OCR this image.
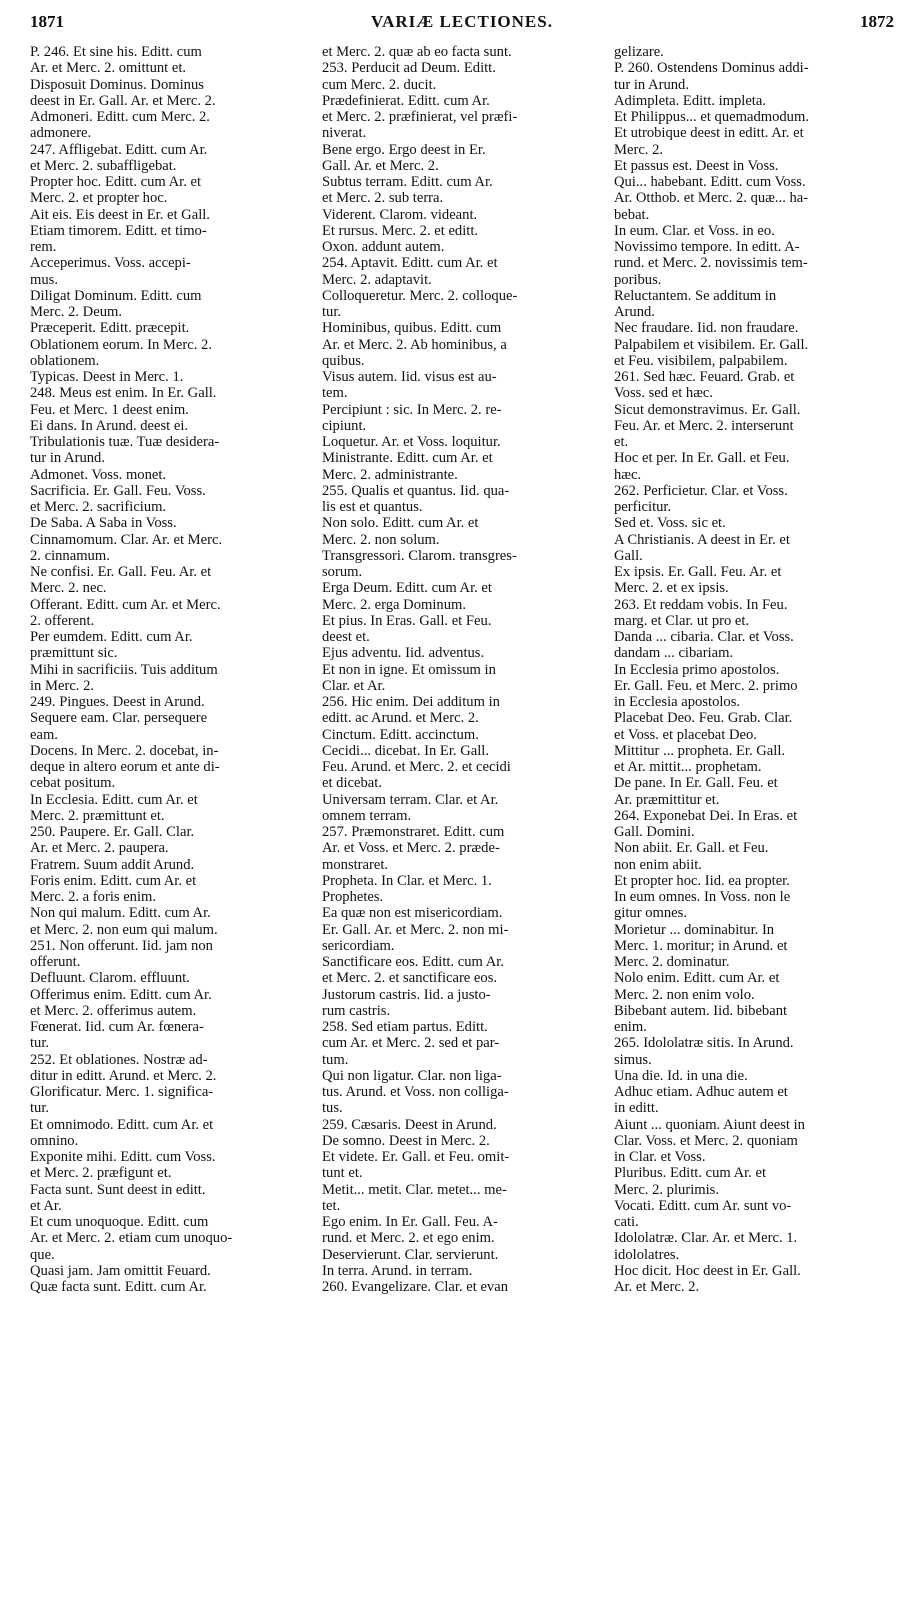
1871	VARIÆ LECTIONES.	1872
P. 246. Et sine his. Editt. cum
Ar. et Merc. 2. omittunt et.
Disposuit Dominus. Dominus
deest in Er. Gall. Ar. et Merc. 2.
Admoneri. Editt. cum Merc. 2.
admonere.
247. Affligebat. Editt. cum Ar.
et Merc. 2. subaffligebat.
Propter hoc. Editt. cum Ar. et
Merc. 2. et propter hoc.
Ait eis. Eis deest in Er. et Gall.
Etiam timorem. Editt. et timo-
rem.
Acceperimus. Voss. accepi-
mus.
Diligat Dominum. Editt. cum
Merc. 2. Deum.
Præceperit. Editt. præcepit.
Oblationem eorum. In Merc. 2.
oblationem.
Typicas. Deest in Merc. 1.
248. Meus est enim. In Er. Gall.
Feu. et Merc. 1 deest enim.
Ei dans. In Arund. deest ei.
Tribulationis tuæ. Tuæ desidera-
tur in Arund.
Admonet. Voss. monet.
Sacrificia. Er. Gall. Feu. Voss.
et Merc. 2. sacrificium.
De Saba. A Saba in Voss.
Cinnamomum. Clar. Ar. et Merc.
2. cinnamum.
Ne confisi. Er. Gall. Feu. Ar. et
Merc. 2. nec.
Offerant. Editt. cum Ar. et Merc.
2. offerent.
Per eumdem. Editt. cum Ar.
præmittunt sic.
Mihi in sacrificiis. Tuis additum
in Merc. 2.
249. Pingues. Deest in Arund.
Sequere eam. Clar. persequere
eam.
Docens. In Merc. 2. docebat, in-
deque in altero eorum et ante di-
cebat positum.
In Ecclesia. Editt. cum Ar. et
Merc. 2. præmittunt et.
250. Paupere. Er. Gall. Clar.
Ar. et Merc. 2. paupera.
Fratrem. Suum addit Arund.
Foris enim. Editt. cum Ar. et
Merc. 2. a foris enim.
Non qui malum. Editt. cum Ar.
et Merc. 2. non eum qui malum.
251. Non offerunt. Iid. jam non
offerunt.
Defluunt. Clarom. effluunt.
Offerimus enim. Editt. cum Ar.
et Merc. 2. offerimus autem.
Fœnerat. Iid. cum Ar. fœnera-
tur.
252. Et oblationes. Nostræ ad-
ditur in editt. Arund. et Merc. 2.
Glorificatur. Merc. 1. significa-
tur.
Et omnimodo. Editt. cum Ar. et
omnino.
Exponite mihi. Editt. cum Voss.
et Merc. 2. præfigunt et.
Facta sunt. Sunt deest in editt.
et Ar.
Et cum unoquoque. Editt. cum
Ar. et Merc. 2. etiam cum unoquo-
que.
Quasi jam. Jam omittit Feuard.
Quæ facta sunt. Editt. cum Ar.
et Merc. 2. quæ ab eo facta sunt.
253. Perducit ad Deum. Editt.
cum Merc. 2. ducit.
Prædefinierat. Editt. cum Ar.
et Merc. 2. præfinierat, vel præfi-
niverat.
Bene ergo. Ergo deest in Er.
Gall. Ar. et Merc. 2.
Subtus terram. Editt. cum Ar.
et Merc. 2. sub terra.
Viderent. Clarom. videant.
Et rursus. Merc. 2. et editt.
Oxon. addunt autem.
254. Aptavit. Editt. cum Ar. et
Merc. 2. adaptavit.
Colloqueretur. Merc. 2. colloque-
tur.
Hominibus, quibus. Editt. cum
Ar. et Merc. 2. Ab hominibus, a
quibus.
Visus autem. Iid. visus est au-
tem.
Percipiunt : sic. In Merc. 2. re-
cipiunt.
Loquetur. Ar. et Voss. loquitur.
Ministrante. Editt. cum Ar. et
Merc. 2. administrante.
255. Qualis et quantus. Iid. qua-
lis est et quantus.
Non solo. Editt. cum Ar. et
Merc. 2. non solum.
Transgressori. Clarom. transgres-
sorum.
Erga Deum. Editt. cum Ar. et
Merc. 2. erga Dominum.
Et pius. In Eras. Gall. et Feu.
deest et.
Ejus adventu. Iid. adventus.
Et non in igne. Et omissum in
Clar. et Ar.
256. Hic enim. Dei additum in
editt. ac Arund. et Merc. 2.
Cinctum. Editt. accinctum.
Cecidi... dicebat. In Er. Gall.
Feu. Arund. et Merc. 2. et cecidi
et dicebat.
Universam terram. Clar. et Ar.
omnem terram.
257. Præmonstraret. Editt. cum
Ar. et Voss. et Merc. 2. præde-
monstraret.
Propheta. In Clar. et Merc. 1.
Prophetes.
Ea quæ non est misericordiam.
Er. Gall. Ar. et Merc. 2. non mi-
sericordiam.
Sanctificare eos. Editt. cum Ar.
et Merc. 2. et sanctificare eos.
Justorum castris. Iid. a justo-
rum castris.
258. Sed etiam partus. Editt.
cum Ar. et Merc. 2. sed et par-
tum.
Qui non ligatur. Clar. non liga-
tus. Arund. et Voss. non colliga-
tus.
259. Cæsaris. Deest in Arund.
De somno. Deest in Merc. 2.
Et videte. Er. Gall. et Feu. omit-
tunt et.
Metit... metit. Clar. metet... me-
tet.
Ego enim. In Er. Gall. Feu. A-
rund. et Merc. 2. et ego enim.
Deservierunt. Clar. servierunt.
In terra. Arund. in terram.
260. Evangelizare. Clar. et evan
gelizare.
P. 260. Ostendens Dominus addi-
tur in Arund.
Adimpleta. Editt. impleta.
Et Philippus... et quemadmodum.
Et utrobique deest in editt. Ar. et
Merc. 2.
Et passus est. Deest in Voss.
Qui... habebant. Editt. cum Voss.
Ar. Otthob. et Merc. 2. quæ... ha-
bebat.
In eum. Clar. et Voss. in eo.
Novissimo tempore. In editt. A-
rund. et Merc. 2. novissimis tem-
poribus.
Reluctantem. Se additum in
Arund.
Nec fraudare. Iid. non fraudare.
Palpabilem et visibilem. Er. Gall.
et Feu. visibilem, palpabilem.
261. Sed hæc. Feuard. Grab. et
Voss. sed et hæc.
Sicut demonstravimus. Er. Gall.
Feu. Ar. et Merc. 2. interserunt
et.
Hoc et per. In Er. Gall. et Feu.
hæc.
262. Perficietur. Clar. et Voss.
perficitur.
Sed et. Voss. sic et.
A Christianis. A deest in Er. et
Gall.
Ex ipsis. Er. Gall. Feu. Ar. et
Merc. 2. et ex ipsis.
263. Et reddam vobis. In Feu.
marg. et Clar. ut pro et.
Danda ... cibaria. Clar. et Voss.
dandam ... cibariam.
In Ecclesia primo apostolos.
Er. Gall. Feu. et Merc. 2. primo
in Ecclesia apostolos.
Placebat Deo. Feu. Grab. Clar.
et Voss. et placebat Deo.
Mittitur ... propheta. Er. Gall.
et Ar. mittit... prophetam.
De pane. In Er. Gall. Feu. et
Ar. præmittitur et.
264. Exponebat Dei. In Eras. et
Gall. Domini.
Non abiit. Er. Gall. et Feu.
non enim abiit.
Et propter hoc. Iid. ea propter.
In eum omnes. In Voss. non le
gitur omnes.
Morietur ... dominabitur. In
Merc. 1. moritur; in Arund. et
Merc. 2. dominatur.
Nolo enim. Editt. cum Ar. et
Merc. 2. non enim volo.
Bibebant autem. Iid. bibebant
enim.
265. Idololatræ sitis. In Arund.
simus.
Una die. Id. in una die.
Adhuc etiam. Adhuc autem et
in editt.
Aiunt ... quoniam. Aiunt deest in
Clar. Voss. et Merc. 2. quoniam
in Clar. et Voss.
Pluribus. Editt. cum Ar. et
Merc. 2. plurimis.
Vocati. Editt. cum Ar. sunt vo-
cati.
Idololatræ. Clar. Ar. et Merc. 1.
idololatres.
Hoc dicit. Hoc deest in Er. Gall.
Ar. et Merc. 2.
